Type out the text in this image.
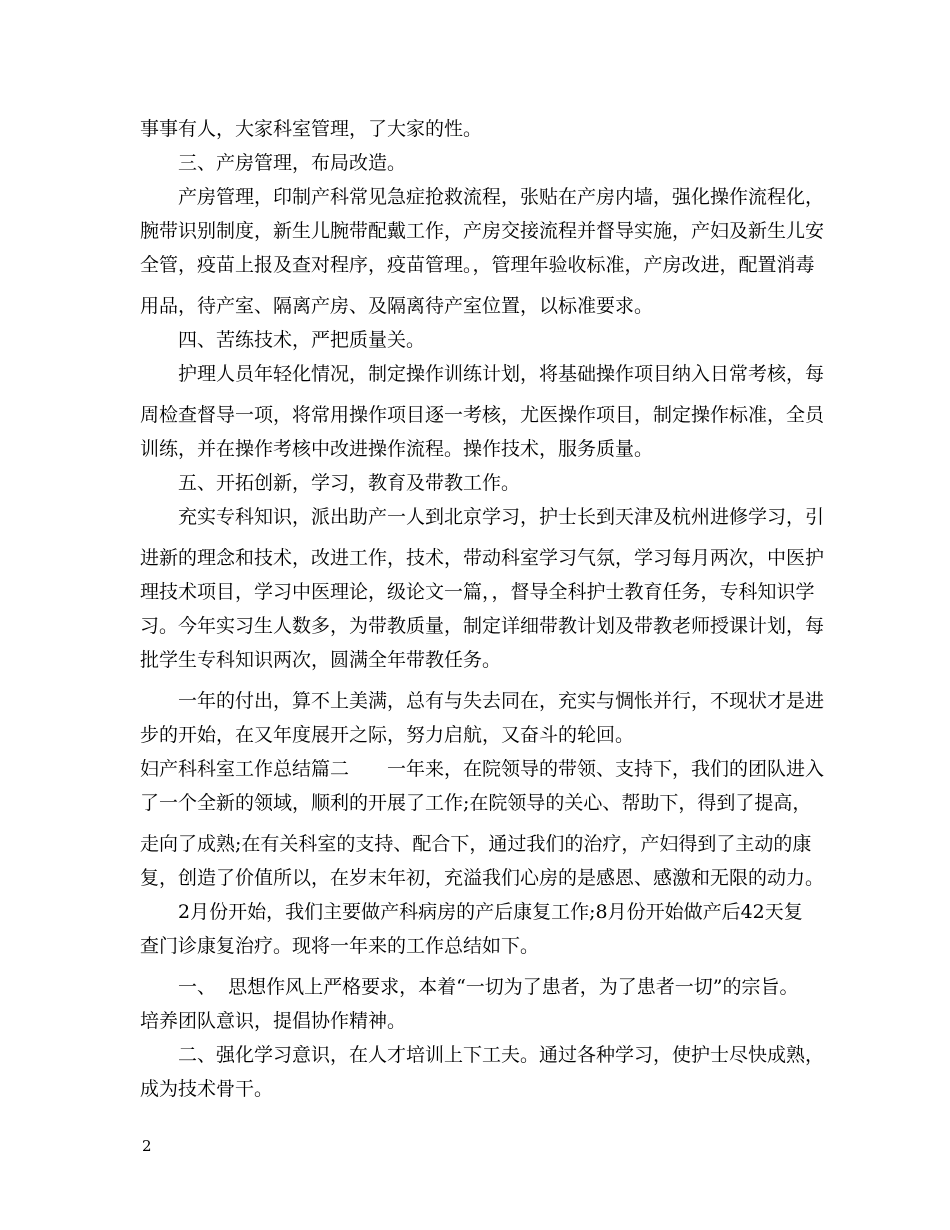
事事有人，大家科室管理，了大家的性。
三、产房管理，布局改造。
产房管理，印制产科常见急症抢救流程，张贴在产房内墙，强化操作流程化，
腕带识别制度，新生儿腕带配戴工作，产房交接流程并督导实施，产妇及新生儿安
全管，疫苗上报及查对程序，疫苗管理。，管理年验收标准，产房改进，配置消毒
用品，待产室、隔离产房、及隔离待产室位置，以标准要求。
四、苦练技术，严把质量关。
护理人员年轻化情况，制定操作训练计划，将基础操作项目纳入日常考核，每
周检查督导一项，将常用操作项目逐一考核，尤医操作项目，制定操作标准，全员
训练，并在操作考核中改进操作流程。操作技术，服务质量。
五、开拓创新，学习，教育及带教工作。
充实专科知识，派出助产一人到北京学习，护士长到天津及杭州进修学习，引
进新的理念和技术，改进工作，技术，带动科室学习气氛，学习每月两次，中医护
理技术项目，学习中医理论，级论文一篇，，督导全科护士教育任务，专科知识学
习。今年实习生人数多，为带教质量，制定详细带教计划及带教老师授课计划，每
批学生专科知识两次，圆满全年带教任务。
一年的付出，算不上美满，总有与失去同在，充实与惆怅并行，不现状才是进
步的开始，在又年度展开之际，努力启航，又奋斗的轮回。
妇产科科室工作总结篇二　　一年来，在院领导的带领、支持下，我们的团队进入
了一个全新的领域，顺利的开展了工作;在院领导的关心、帮助下，得到了提高，
走向了成熟;在有关科室的支持、配合下，通过我们的治疗，产妇得到了主动的康
复，创造了价值所以，在岁末年初，充溢我们心房的是感恩、感激和无限的动力。
2月份开始，我们主要做产科病房的产后康复工作;8月份开始做产后42天复
查门诊康复治疗。现将一年来的工作总结如下。
一、  思想作风上严格要求，本着“一切为了患者，为了患者一切”的宗旨。
培养团队意识，提倡协作精神。
二、强化学习意识，在人才培训上下工夫。通过各种学习，使护士尽快成熟，
成为技术骨干。
2
